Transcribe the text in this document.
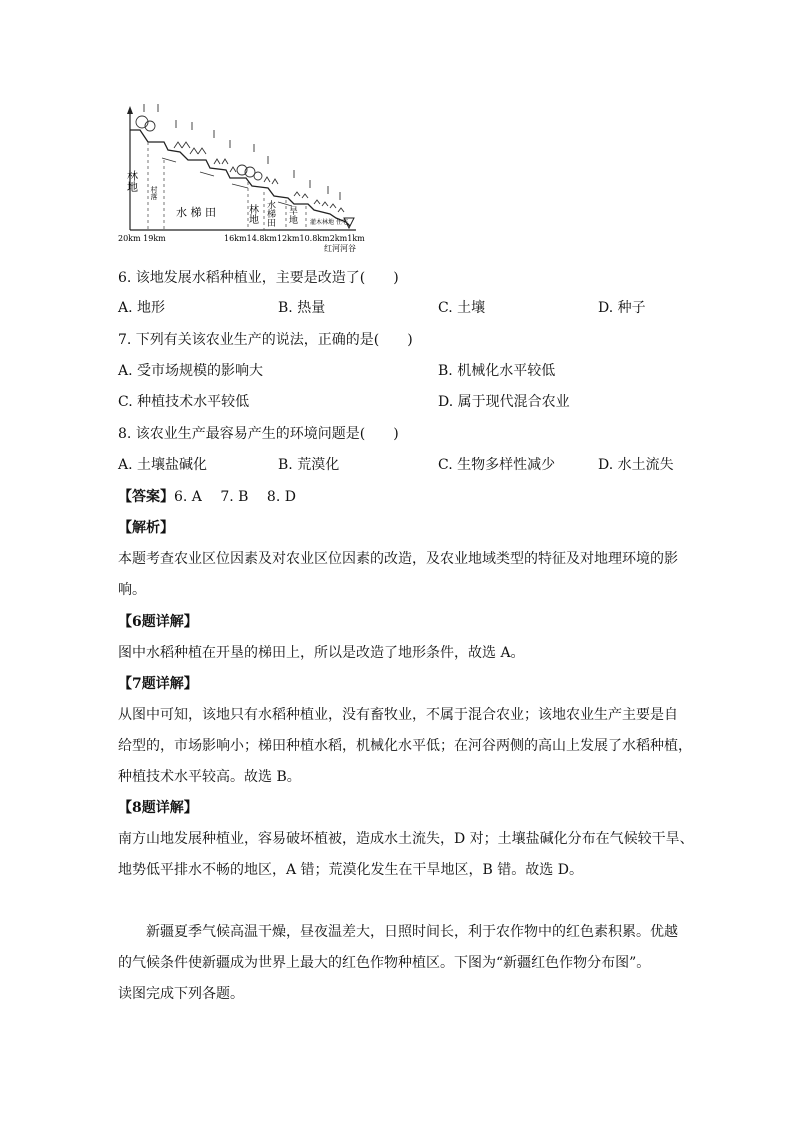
林地
村落
水 梯 田	林地 水梯田 旱地 灌木林地 住宅
20km 19km	16km14.8km12km10.8km2km1km
红河河谷
6. 该地发展水稻种植业，主要是改造了(　　)
A. 地形	B. 热量	C. 土壤	D. 种子
7. 下列有关该农业生产的说法，正确的是(　　)
A. 受市场规模的影响大	B. 机械化水平较低
C. 种植技术水平较低	D. 属于现代混合农业
8. 该农业生产最容易产生的环境问题是(　　)
A. 土壤盐碱化	B. 荒漠化	C. 生物多样性减少	D. 水土流失
【答案】6. A　 7. B　 8. D
【解析】
本题考查农业区位因素及对农业区位因素的改造，及农业地域类型的特征及对地理环境的影
响。
【6题详解】
图中水稻种植在开垦的梯田上，所以是改造了地形条件，故选 A。
【7题详解】
从图中可知，该地只有水稻种植业，没有畜牧业，不属于混合农业；该地农业生产主要是自
给型的，市场影响小；梯田种植水稻，机械化水平低；在河谷两侧的高山上发展了水稻种植，
种植技术水平较高。故选 B。
【8题详解】
南方山地发展种植业，容易破坏植被，造成水土流失，D 对；土壤盐碱化分布在气候较干旱、
地势低平排水不畅的地区，A 错；荒漠化发生在干旱地区，B 错。故选 D。
新疆夏季气候高温干燥，昼夜温差大，日照时间长，利于农作物中的红色素积累。优越
的气候条件使新疆成为世界上最大的红色作物种植区。下图为“新疆红色作物分布图”。
读图完成下列各题。
